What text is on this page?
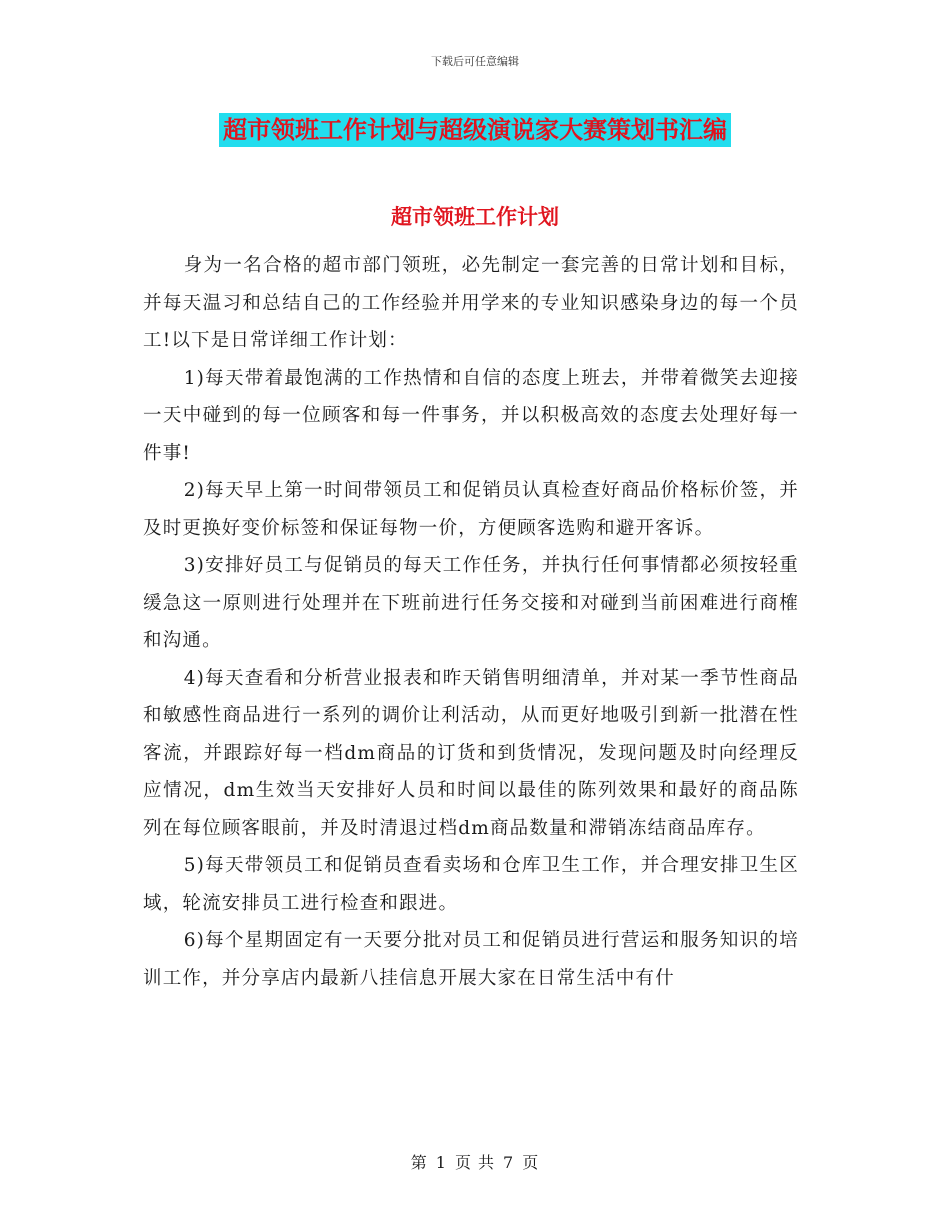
下载后可任意编辑
超市领班工作计划与超级演说家大赛策划书汇编
超市领班工作计划

身为一名合格的超市部门领班，必先制定一套完善的日常计划和目标，并每天温习和总结自己的工作经验并用学来的专业知识感染身边的每一个员工!以下是日常详细工作计划：

1)每天带着最饱满的工作热情和自信的态度上班去，并带着微笑去迎接一天中碰到的每一位顾客和每一件事务，并以积极高效的态度去处理好每一件事!

2)每天早上第一时间带领员工和促销员认真检查好商品价格标价签，并及时更换好变价标签和保证每物一价，方便顾客选购和避开客诉。

3)安排好员工与促销员的每天工作任务，并执行任何事情都必须按轻重缓急这一原则进行处理并在下班前进行任务交接和对碰到当前困难进行商榷和沟通。

4)每天查看和分析营业报表和昨天销售明细清单，并对某一季节性商品和敏感性商品进行一系列的调价让利活动，从而更好地吸引到新一批潜在性客流，并跟踪好每一档dm商品的订货和到货情况，发现问题及时向经理反应情况，dm生效当天安排好人员和时间以最佳的陈列效果和最好的商品陈列在每位顾客眼前，并及时清退过档dm商品数量和滞销冻结商品库存。

5)每天带领员工和促销员查看卖场和仓库卫生工作，并合理安排卫生区域，轮流安排员工进行检查和跟进。

6)每个星期固定有一天要分批对员工和促销员进行营运和服务知识的培训工作，并分享店内最新八挂信息开展大家在日常生活中有什

第 1 页 共 7 页
